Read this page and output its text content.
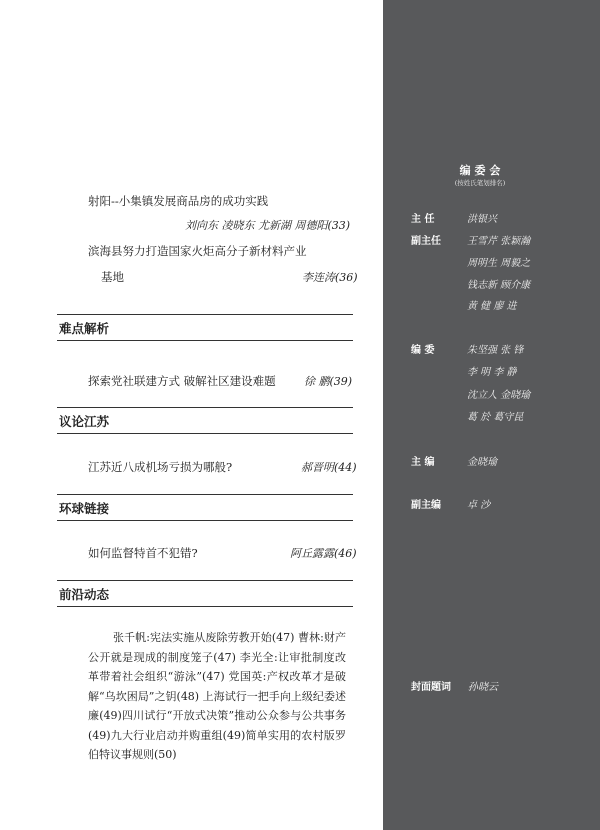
射阳--小集镇发展商品房的成功实践
刘向东 凌晓东 尤新湖 周德阳(33)
滨海县努力打造国家火炬高分子新材料产业
基地	李连涛(36)
难点解析
探索党社联建方式 破解社区建设难题	徐 鹏(39)
议论江苏
江苏近八成机场亏损为哪般?	郝晋明(44)
环球链接
如何监督特首不犯错?	阿丘露露(46)
前沿动态
张千帆:宪法实施从废除劳教开始(47) 曹林:财产公开就是现成的制度笼子(47) 李光全:让审批制度改革带着社会组织“游泳”(47) 党国英:产权改革才是破解“乌坎困局”之钥(48) 上海试行一把手向上级纪委述廉(49)四川试行“开放式决策”推动公众参与公共事务(49)九大行业启动并购重组(49)简单实用的农村版罗伯特议事规则(50)
编 委 会
(按姓氏笔划排名)
主 任	洪银兴
副主任	王雪芹 张颖瀚
周明生 周毅之
钱志新 顾介康
黄 健 廖 进
编 委	朱坚强 张 锋
李 明 李 静
沈立人 金晓瑜
葛 於 葛守昆
主 编	金晓瑜
副主编	卓 沙
封面题词 孙晓云
